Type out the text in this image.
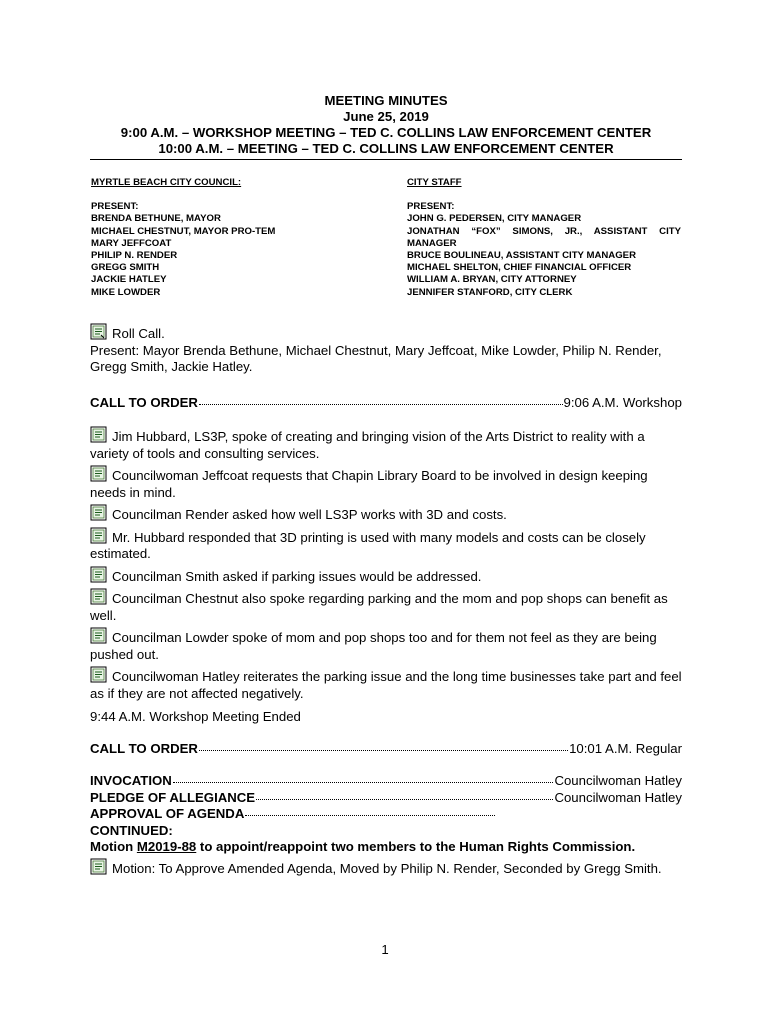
MEETING MINUTES
June 25, 2019
9:00 A.M. – WORKSHOP MEETING – TED C. COLLINS LAW ENFORCEMENT CENTER
10:00 A.M. – MEETING – TED C. COLLINS LAW ENFORCEMENT CENTER
MYRTLE BEACH CITY COUNCIL:
PRESENT:
BRENDA BETHUNE, MAYOR
MICHAEL CHESTNUT, MAYOR PRO-TEM
MARY JEFFCOAT
PHILIP N. RENDER
GREGG SMITH
JACKIE HATLEY
MIKE LOWDER
CITY STAFF
PRESENT:
JOHN G. PEDERSEN, CITY MANAGER
JONATHAN “FOX” SIMONS, JR., ASSISTANT CITY
MANAGER
BRUCE BOULINEAU, ASSISTANT CITY MANAGER
MICHAEL SHELTON, CHIEF FINANCIAL OFFICER
WILLIAM A. BRYAN, CITY ATTORNEY
JENNIFER STANFORD, CITY CLERK
Roll Call.
Present: Mayor Brenda Bethune, Michael Chestnut, Mary Jeffcoat, Mike Lowder, Philip N. Render, Gregg Smith, Jackie Hatley.
CALL TO ORDER	9:06 A.M. Workshop
Jim Hubbard, LS3P, spoke of creating and bringing vision of the Arts District to reality with a variety of tools and consulting services.
Councilwoman Jeffcoat requests that Chapin Library Board to be involved in design keeping needs in mind.
Councilman Render asked how well LS3P works with 3D and costs.
Mr. Hubbard responded that 3D printing is used with many models and costs can be closely estimated.
Councilman Smith asked if parking issues would be addressed.
Councilman Chestnut also spoke regarding parking and the mom and pop shops can benefit as well.
Councilman Lowder spoke of mom and pop shops too and for them not feel as they are being pushed out.
Councilwoman Hatley reiterates the parking issue and the long time businesses take part and feel as if they are not affected negatively.
9:44 A.M. Workshop Meeting Ended
CALL TO ORDER	10:01 A.M. Regular
INVOCATION	Councilwoman Hatley
PLEDGE OF ALLEGIANCE	Councilwoman Hatley
APPROVAL OF AGENDA
CONTINUED:
Motion M2019-88 to appoint/reappoint two members to the Human Rights Commission.
Motion: To Approve Amended Agenda, Moved by Philip N. Render, Seconded by Gregg Smith.
1
